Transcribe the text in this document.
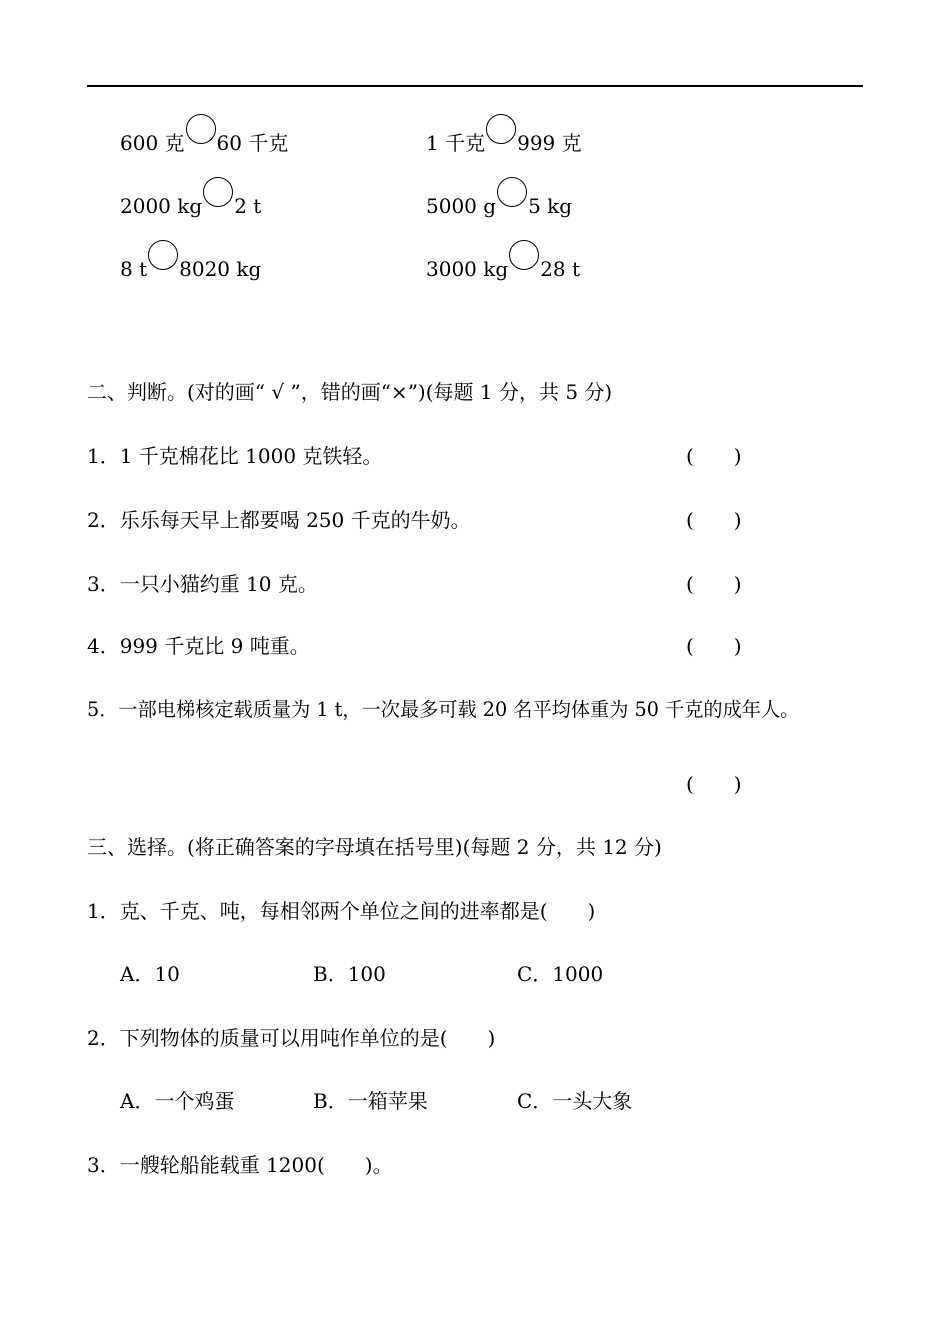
600 克 60 千克	1 千克 999 克
2000 kg 2 t	5000 g 5 kg
8 t 8020 kg	3000 kg 28 t
二、判断。(对的画“ √ ”，错的画“×”)(每题 1 分，共 5 分)
1．1 千克棉花比 1000 克铁轻。	(　　)
2．乐乐每天早上都要喝 250 千克的牛奶。	(　　)
3．一只小猫约重 10 克。	(　　)
4．999 千克比 9 吨重。	(　　)
5．一部电梯核定载质量为 1 t，一次最多可载 20 名平均体重为 50 千克的成年人。
(　　)
三、选择。(将正确答案的字母填在括号里)(每题 2 分，共 12 分)
1．克、千克、吨，每相邻两个单位之间的进率都是(　　)
A．10	B．100	C．1000
2．下列物体的质量可以用吨作单位的是(　　)
A．一个鸡蛋	B．一箱苹果	C．一头大象
3．一艘轮船能载重 1200(　　)。
